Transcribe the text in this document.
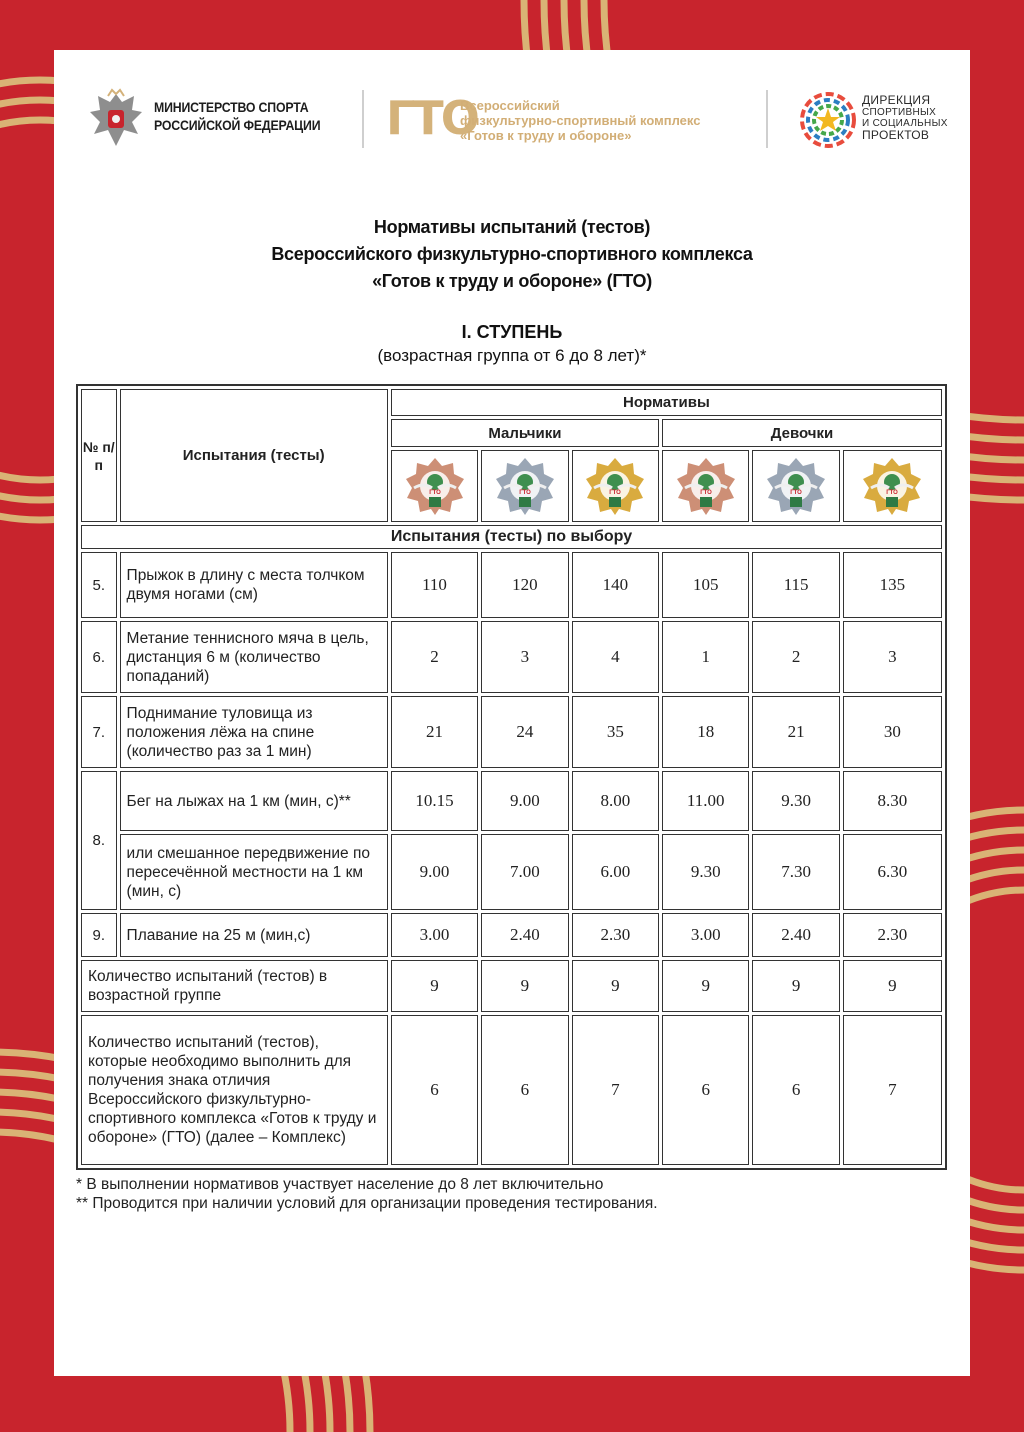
МИНИСТЕРСТВО СПОРТА
РОССИЙСКОЙ ФЕДЕРАЦИИ ГТО
Всероссийский
физкультурно-спортивный комплекс
«Готов к труду и обороне»
ДИРЕКЦИЯ
СПОРТИВНЫХ
И СОЦИАЛЬНЫХ
ПРОЕКТОВ
Нормативы испытаний (тестов)
Всероссийского физкультурно-спортивного комплекса
«Готов к труду и обороне» (ГТО)
I. СТУПЕНЬ
(возрастная группа от 6 до 8 лет)*
№ п/п	Испытания (тесты)	Нормативы					
		Мальчики			Девочки		

ГТО	ГТО	ГТО	ГТО	ГТО	ГТО

Испытания (тесты) по выбору							
5.	Прыжок в длину с места толчком двумя ногами (см)	110	120	140	105	115	135
6.	Метание теннисного мяча в цель, дистанция 6 м (количество попаданий)	2	3	4	1	2	3
7.	Поднимание туловища из положения лёжа на спине (количество раз за 1 мин)	21	24	35	18	21	30
8.	Бег на лыжах на 1 км (мин, с)**	10.15	9.00	8.00	11.00	9.30	8.30
	или смешанное передвижение по пересечённой местности на 1 км (мин, с)	9.00	7.00	6.00	9.30	7.30	6.30
9.	Плавание на 25 м (мин,с)	3.00	2.40	2.30	3.00	2.40	2.30
Количество испытаний (тестов) в возрастной группе		9	9	9	9	9	9
Количество испытаний (тестов), которые необходимо выполнить для получения знака отличия Всероссийского физкультурно-спортивного комплекса «Готов к труду и обороне» (ГТО) (далее – Комплекс)		6	6	7	6	6	7
* В выполнении нормативов участвует население до 8 лет включительно
** Проводится при наличии условий для организации проведения тестирования.
